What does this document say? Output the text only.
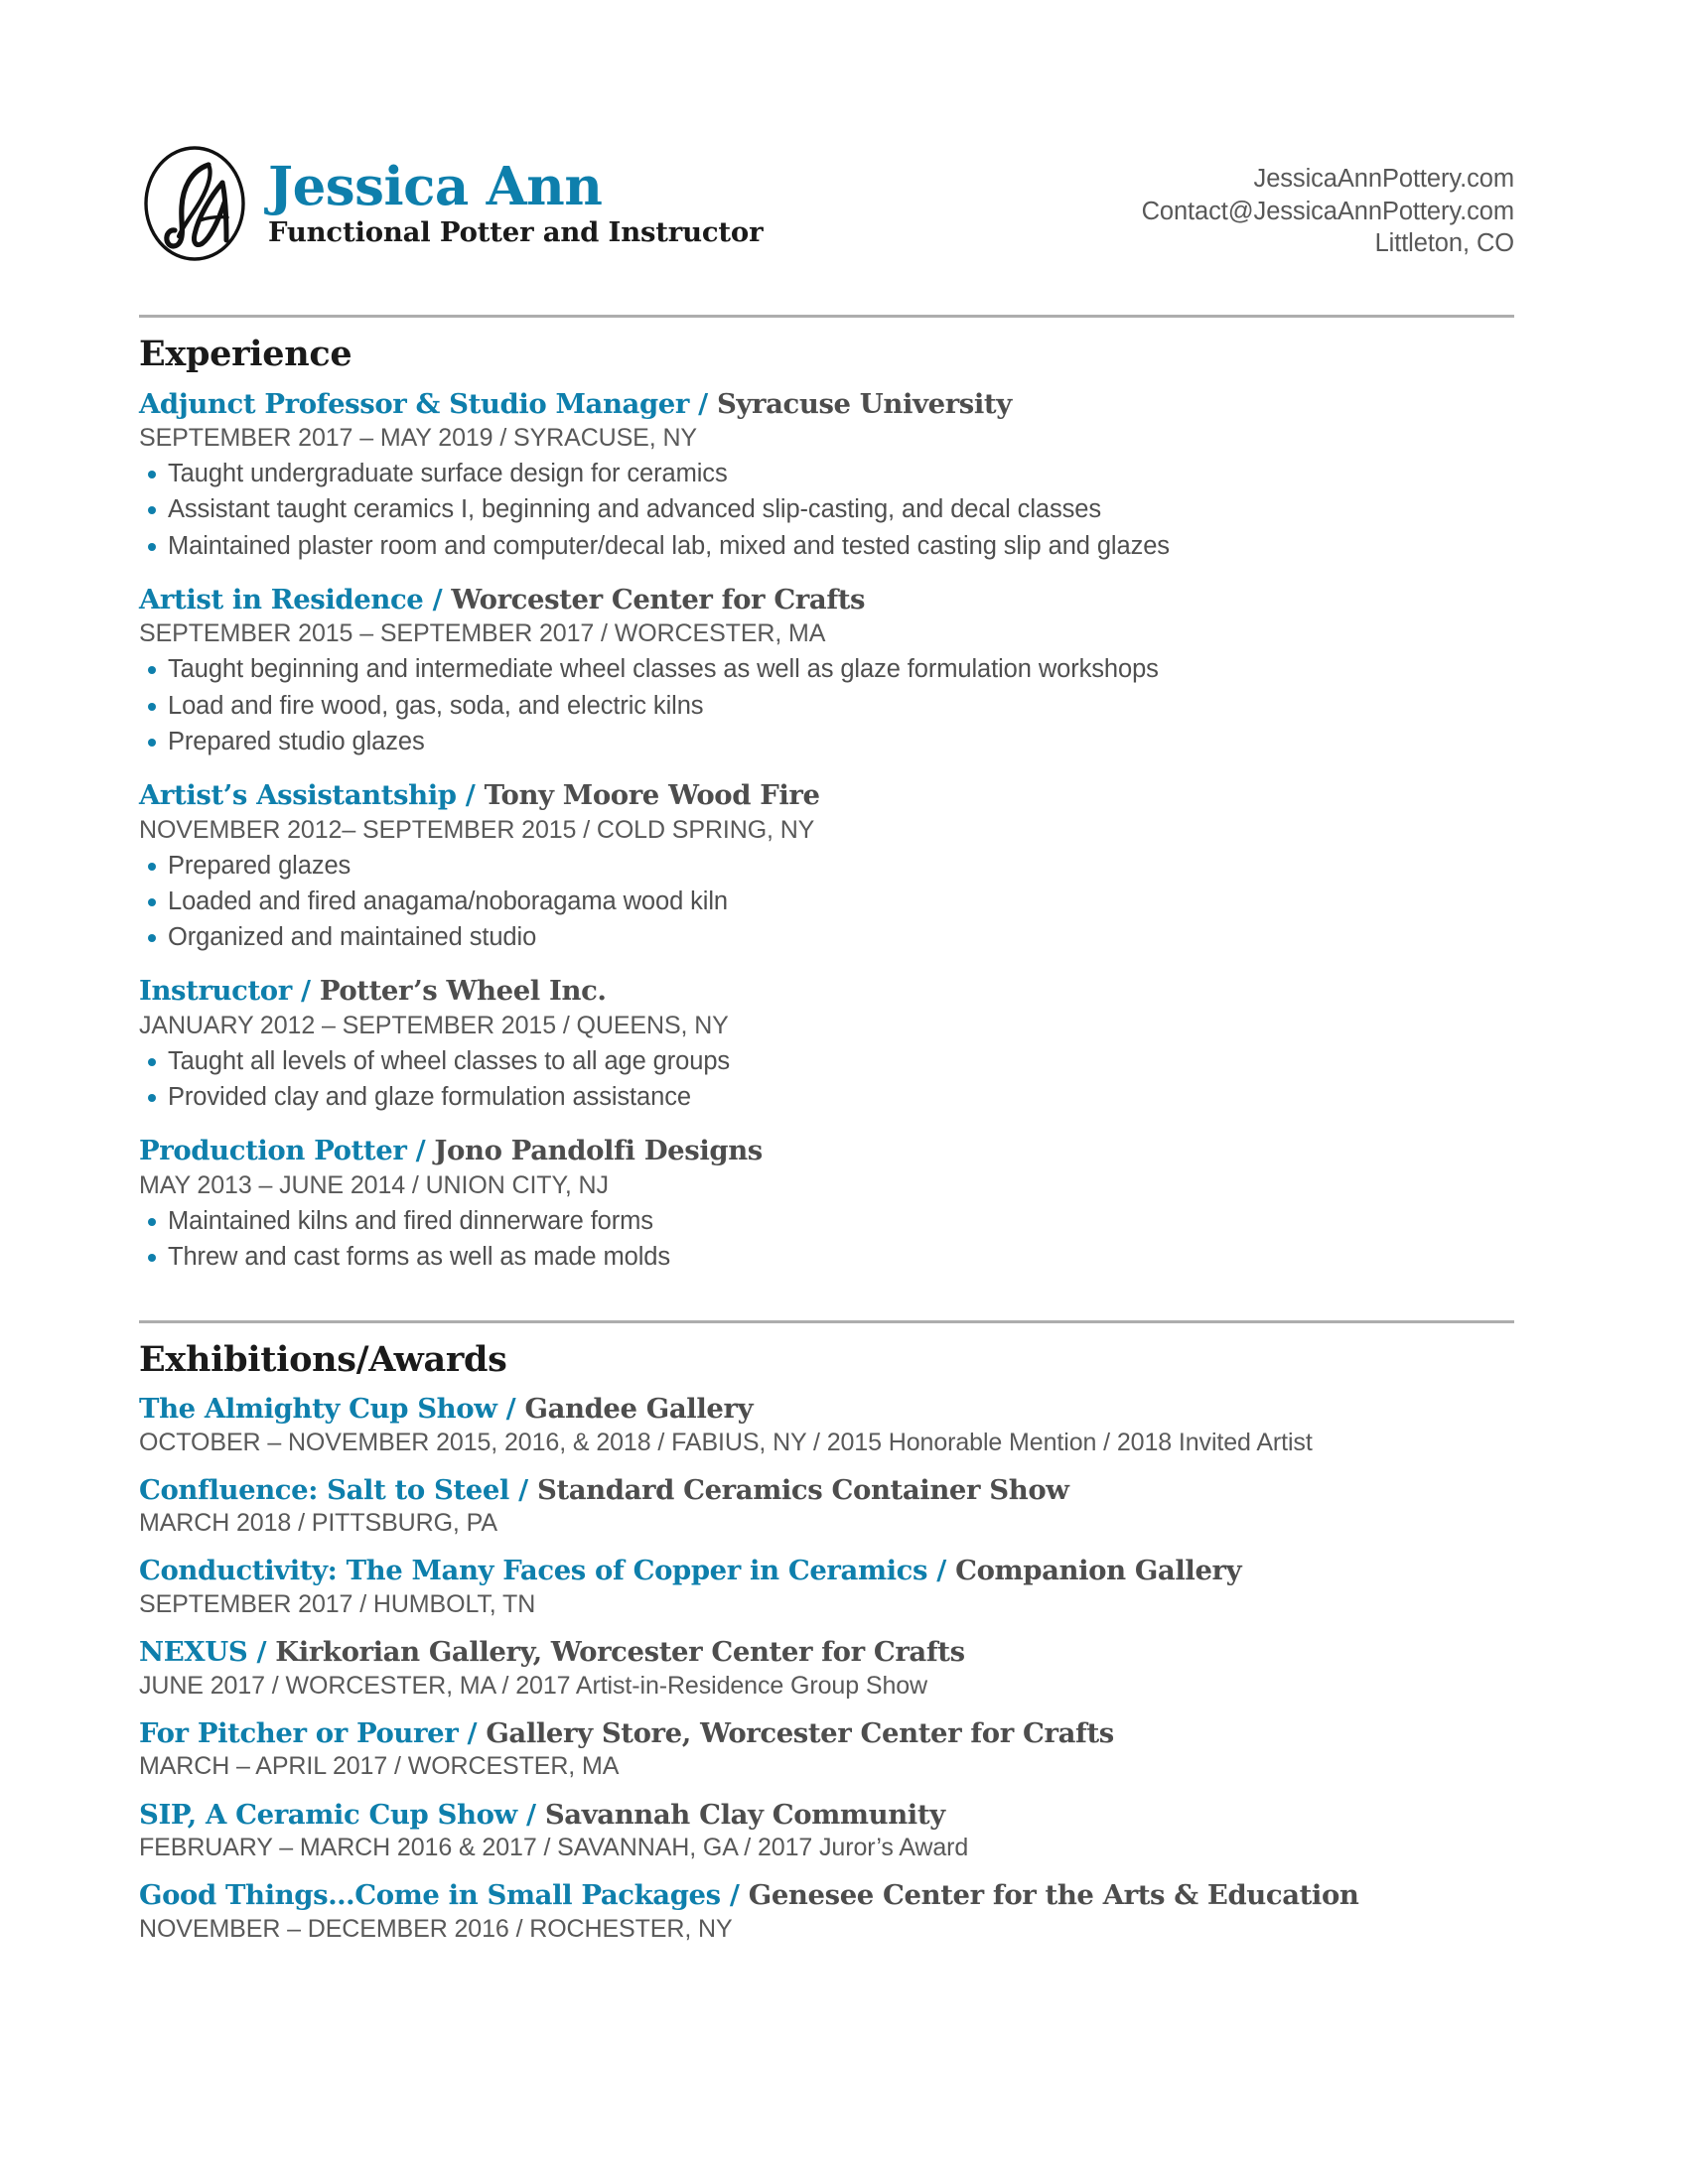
Jessica Ann
Functional Potter and Instructor
JessicaAnnPottery.com
Contact@JessicaAnnPottery.com
Littleton, CO
Experience
Adjunct Professor & Studio Manager / Syracuse University
SEPTEMBER 2017 – MAY 2019 / SYRACUSE, NY
Taught undergraduate surface design for ceramics
Assistant taught ceramics I, beginning and advanced slip-casting, and decal classes
Maintained plaster room and computer/decal lab, mixed and tested casting slip and glazes
Artist in Residence / Worcester Center for Crafts
SEPTEMBER 2015 – SEPTEMBER 2017 / WORCESTER, MA
Taught beginning and intermediate wheel classes as well as glaze formulation workshops
Load and fire wood, gas, soda, and electric kilns
Prepared studio glazes
Artist’s Assistantship / Tony Moore Wood Fire
NOVEMBER 2012– SEPTEMBER 2015 / COLD SPRING, NY
Prepared glazes
Loaded and fired anagama/noboragama wood kiln
Organized and maintained studio
Instructor / Potter’s Wheel Inc.
JANUARY 2012 – SEPTEMBER 2015 / QUEENS, NY
Taught all levels of wheel classes to all age groups
Provided clay and glaze formulation assistance
Production Potter / Jono Pandolfi Designs
MAY 2013 – JUNE 2014 / UNION CITY, NJ
Maintained kilns and fired dinnerware forms
Threw and cast forms as well as made molds
Exhibitions/Awards
The Almighty Cup Show / Gandee Gallery
OCTOBER – NOVEMBER 2015, 2016, & 2018 / FABIUS, NY / 2015 Honorable Mention / 2018 Invited Artist
Confluence: Salt to Steel / Standard Ceramics Container Show
MARCH 2018 / PITTSBURG, PA
Conductivity: The Many Faces of Copper in Ceramics / Companion Gallery
SEPTEMBER 2017 / HUMBOLT, TN
NEXUS / Kirkorian Gallery, Worcester Center for Crafts
JUNE 2017 / WORCESTER, MA / 2017 Artist-in-Residence Group Show
For Pitcher or Pourer / Gallery Store, Worcester Center for Crafts
MARCH – APRIL 2017 / WORCESTER, MA
SIP, A Ceramic Cup Show / Savannah Clay Community
FEBRUARY – MARCH 2016 & 2017 / SAVANNAH, GA / 2017 Juror’s Award
Good Things…Come in Small Packages / Genesee Center for the Arts & Education
NOVEMBER – DECEMBER 2016 / ROCHESTER, NY
